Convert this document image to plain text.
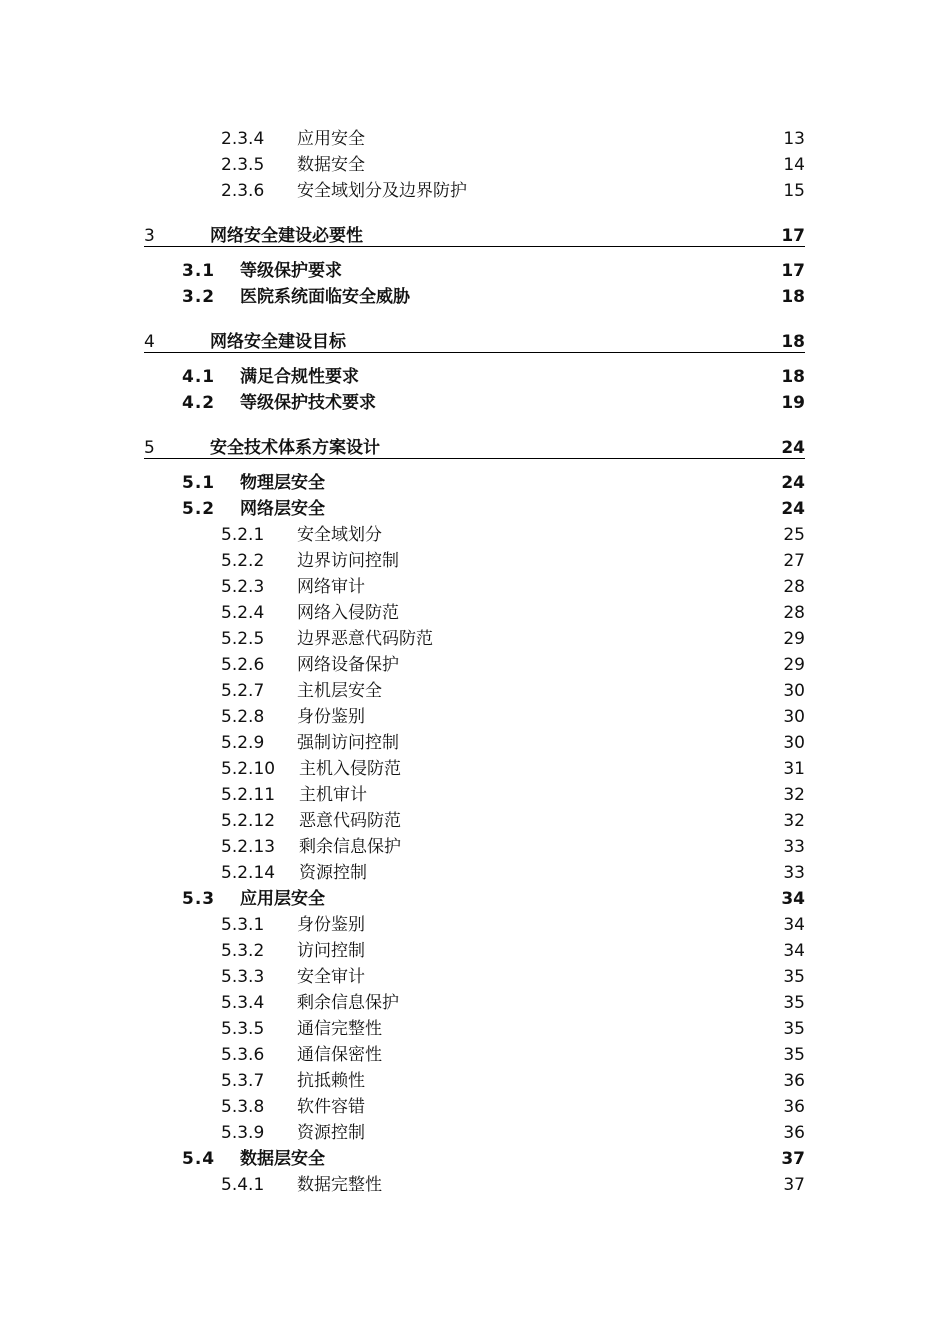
2.3.4 应用安全	13
2.3.5 数据安全	14
2.3.6 安全域划分及边界防护	15
3	网络安全建设必要性	17
3.1 等级保护要求	17
3.2 医院系统面临安全威胁	18
4	网络安全建设目标	18
4.1 满足合规性要求	18
4.2 等级保护技术要求	19
5	安全技术体系方案设计	24
5.1 物理层安全	24
5.2 网络层安全	24
5.2.1 安全域划分	25
5.2.2 边界访问控制	27
5.2.3 网络审计	28
5.2.4 网络入侵防范	28
5.2.5 边界恶意代码防范	29
5.2.6 网络设备保护	29
5.2.7 主机层安全	30
5.2.8 身份鉴别	30
5.2.9 强制访问控制	30
5.2.10 主机入侵防范	31
5.2.11 主机审计	32
5.2.12 恶意代码防范	32
5.2.13 剩余信息保护	33
5.2.14 资源控制	33
5.3 应用层安全	34
5.3.1 身份鉴别	34
5.3.2 访问控制	34
5.3.3 安全审计	35
5.3.4 剩余信息保护	35
5.3.5 通信完整性	35
5.3.6 通信保密性	35
5.3.7 抗抵赖性	36
5.3.8 软件容错	36
5.3.9 资源控制	36
5.4 数据层安全	37
5.4.1 数据完整性	37
